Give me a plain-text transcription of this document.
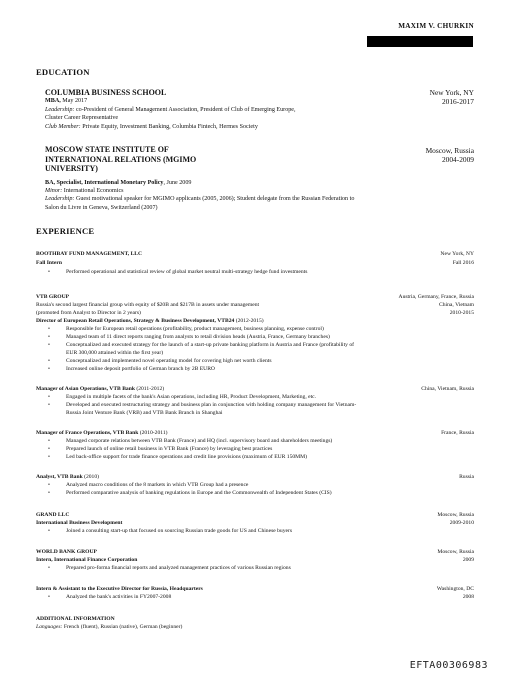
MAXIM V. CHURKIN
EDUCATION
COLUMBIA BUSINESS SCHOOL	New York, NY
2016-2017
MBA, May 2017
Leadership: co-President of General Management Association, President of Club of Emerging Europe,
Cluster Career Representative
Club Member: Private Equity, Investment Banking, Columbia Fintech, Hermes Society
MOSCOW STATE INSTITUTE OF
INTERNATIONAL RELATIONS (MGIMO
UNIVERSITY)
Moscow, Russia
2004-2009
BA, Specialist, International Monetary Policy, June 2009
Minor: International Economics
Leadership: Guest motivational speaker for MGIMO applicants (2005, 2006); Student delegate from the Russian Federation to
Salon du Livre in Geneva, Switzerland (2007)
EXPERIENCE
BOOTHBAY FUND MANAGEMENT, LLC	New York, NY
Fall Intern	Fall 2016
•	Performed operational and statistical review of global market neutral multi-strategy hedge fund investments
VTB GROUP	Austria, Germany, France, Russia
Russia's second largest financial group with equity of $20B and $217B in assets under management	China, Vietnam
(promoted from Analyst to Director in 2 years)	2010-2015
Director of European Retail Operations, Strategy & Business Development, VTB24 (2012-2015)
•	Responsible for European retail operations (profitability, product management, business planning, expense control)
•	Managed team of 11 direct reports ranging from analysts to retail division heads (Austria, France, Germany branches)
•	Conceptualized and executed strategy for the launch of a start-up private banking platform in Austria and France (profitability of
EUR 300,000 attained within the first year)
•	Conceptualized and implemented novel operating model for covering high net worth clients
•	Increased online deposit portfolio of German branch by 2B EURO
Manager of Asian Operations, VTB Bank (2011-2012)	China, Vietnam, Russia
•	Engaged in multiple facets of the bank's Asian operations, including HR, Product Development, Marketing, etc.
•	Developed and executed restructuring strategy and business plan in conjunction with holding company management for Vietnam-
Russia Joint Venture Bank (VRB) and VTB Bank Branch in Shanghai
Manager of France Operations, VTB Bank (2010-2011)	France, Russia
•	Managed corporate relations between VTB Bank (France) and HQ (incl. supervisory board and shareholders meetings)
•	Prepared launch of online retail business in VTB Bank (France) by leveraging best practices
•	Led back-office support for trade finance operations and credit line provisions (maximum of EUR 150MM)
Analyst, VTB Bank (2010)	Russia
•	Analyzed macro conditions of the 8 markets in which VTB Group had a presence
•	Performed comparative analysis of banking regulations in Europe and the Commonwealth of Independent States (CIS)
GRAND LLC	Moscow, Russia
International Business Development	2009-2010
•	Joined a consulting start-up that focused on sourcing Russian trade goods for US and Chinese buyers
WORLD BANK GROUP	Moscow, Russia
Intern, International Finance Corporation	2009
•	Prepared pro-forma financial reports and analyzed management practices of various Russian regions
Intern & Assistant to the Executive Director for Russia, Headquarters	Washington, DC
2008
•	Analyzed the bank's activities in FY2007-2008
ADDITIONAL INFORMATION
Languages: French (fluent), Russian (native), German (beginner)
EFTA00306983
